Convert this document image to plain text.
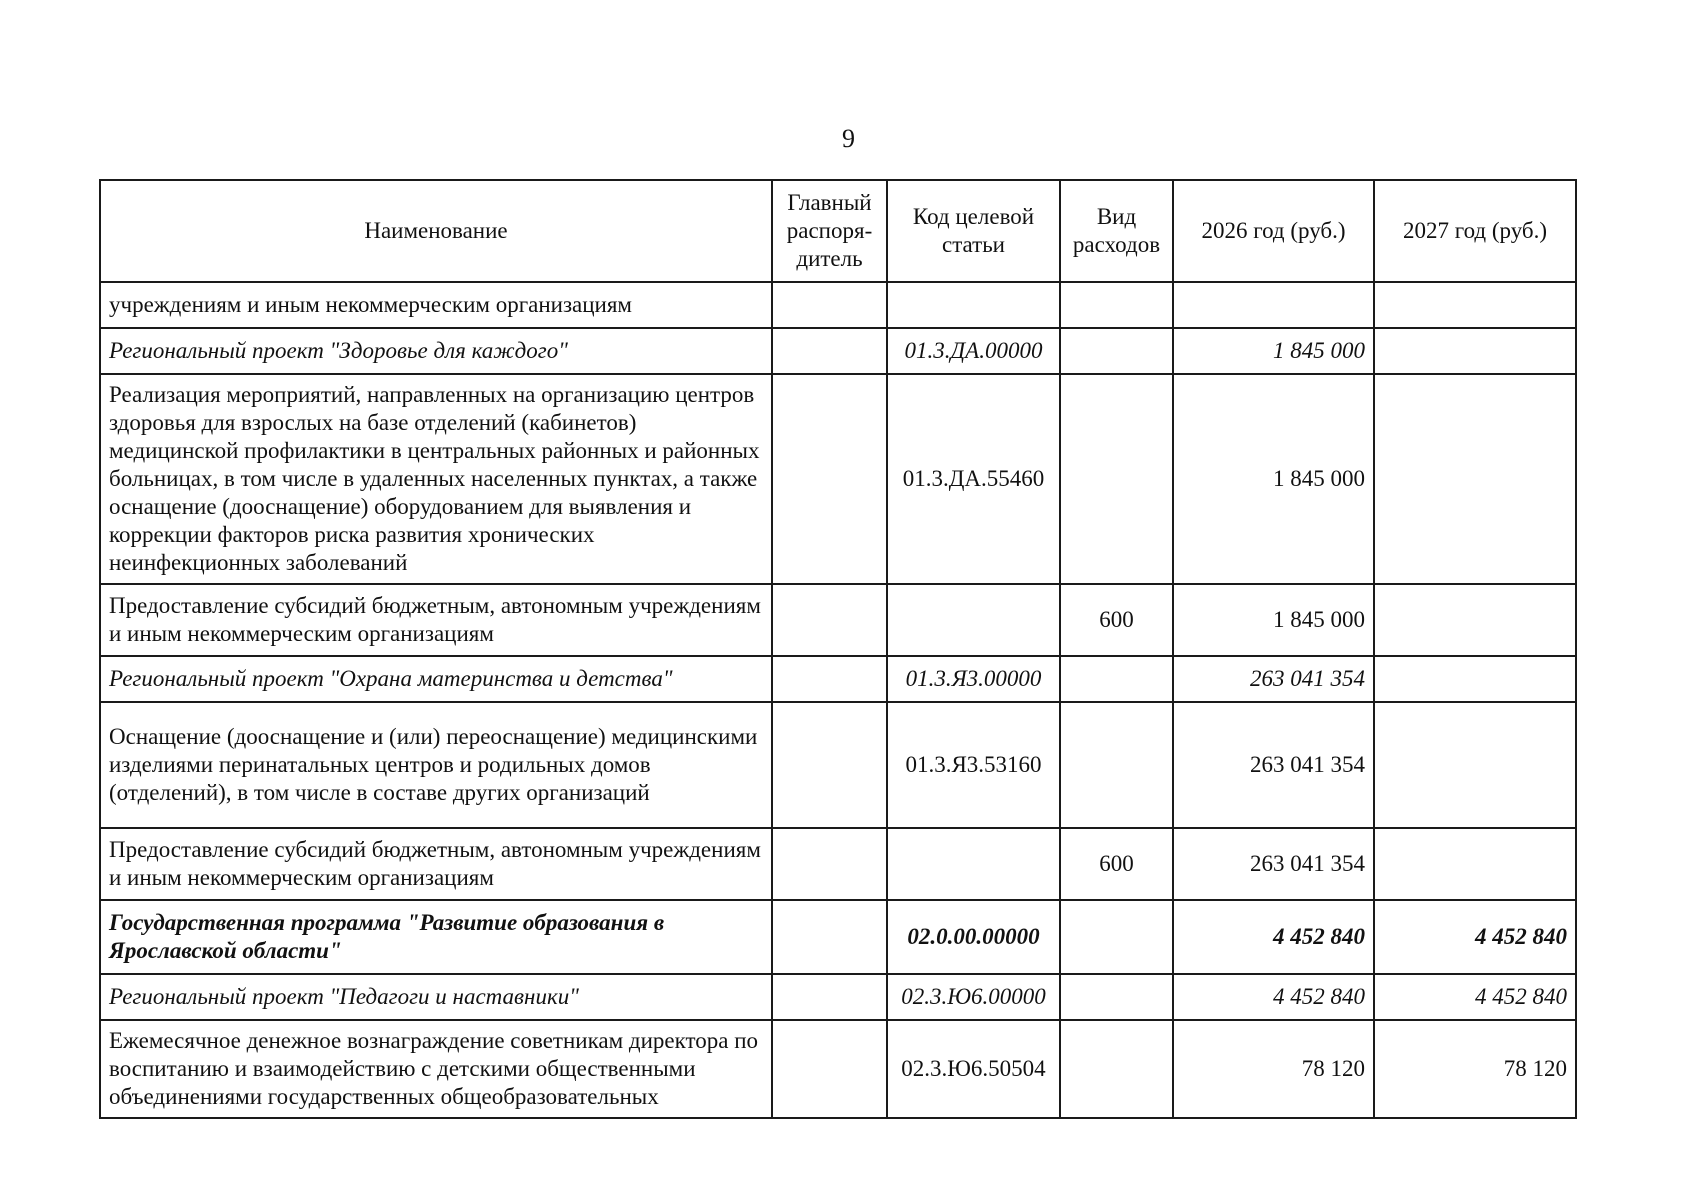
9
Наименование	Главный распоря-дитель	Код целевой статьи	Вид расходов	2026 год (руб.)	2027 год (руб.)
учреждениям и иным некоммерческим организациям					
Региональный проект "Здоровье для каждого"		01.3.ДА.00000		1 845 000	
Реализация мероприятий, направленных на организацию центров здоровья для взрослых на базе отделений (кабинетов) медицинской профилактики в центральных районных и районных больницах, в том числе в удаленных населенных пунктах, а также оснащение (дооснащение) оборудованием для выявления и коррекции факторов риска развития хронических неинфекционных заболеваний		01.3.ДА.55460		1 845 000	
Предоставление субсидий бюджетным, автономным учреждениям и иным некоммерческим организациям			600	1 845 000	
Региональный проект "Охрана материнства и детства"		01.3.Я3.00000		263 041 354	
Оснащение (дооснащение и (или) переоснащение) медицинскими изделиями перинатальных центров и родильных домов (отделений), в том числе в составе других организаций		01.3.Я3.53160		263 041 354	
Предоставление субсидий бюджетным, автономным учреждениям и иным некоммерческим организациям			600	263 041 354	
Государственная программа "Развитие образования в Ярославской области"		02.0.00.00000		4 452 840	4 452 840
Региональный проект "Педагоги и наставники"		02.3.Ю6.00000		4 452 840	4 452 840
Ежемесячное денежное вознаграждение советникам директора по воспитанию и взаимодействию с детскими общественными объединениями государственных общеобразовательных		02.3.Ю6.50504		78 120	78 120
